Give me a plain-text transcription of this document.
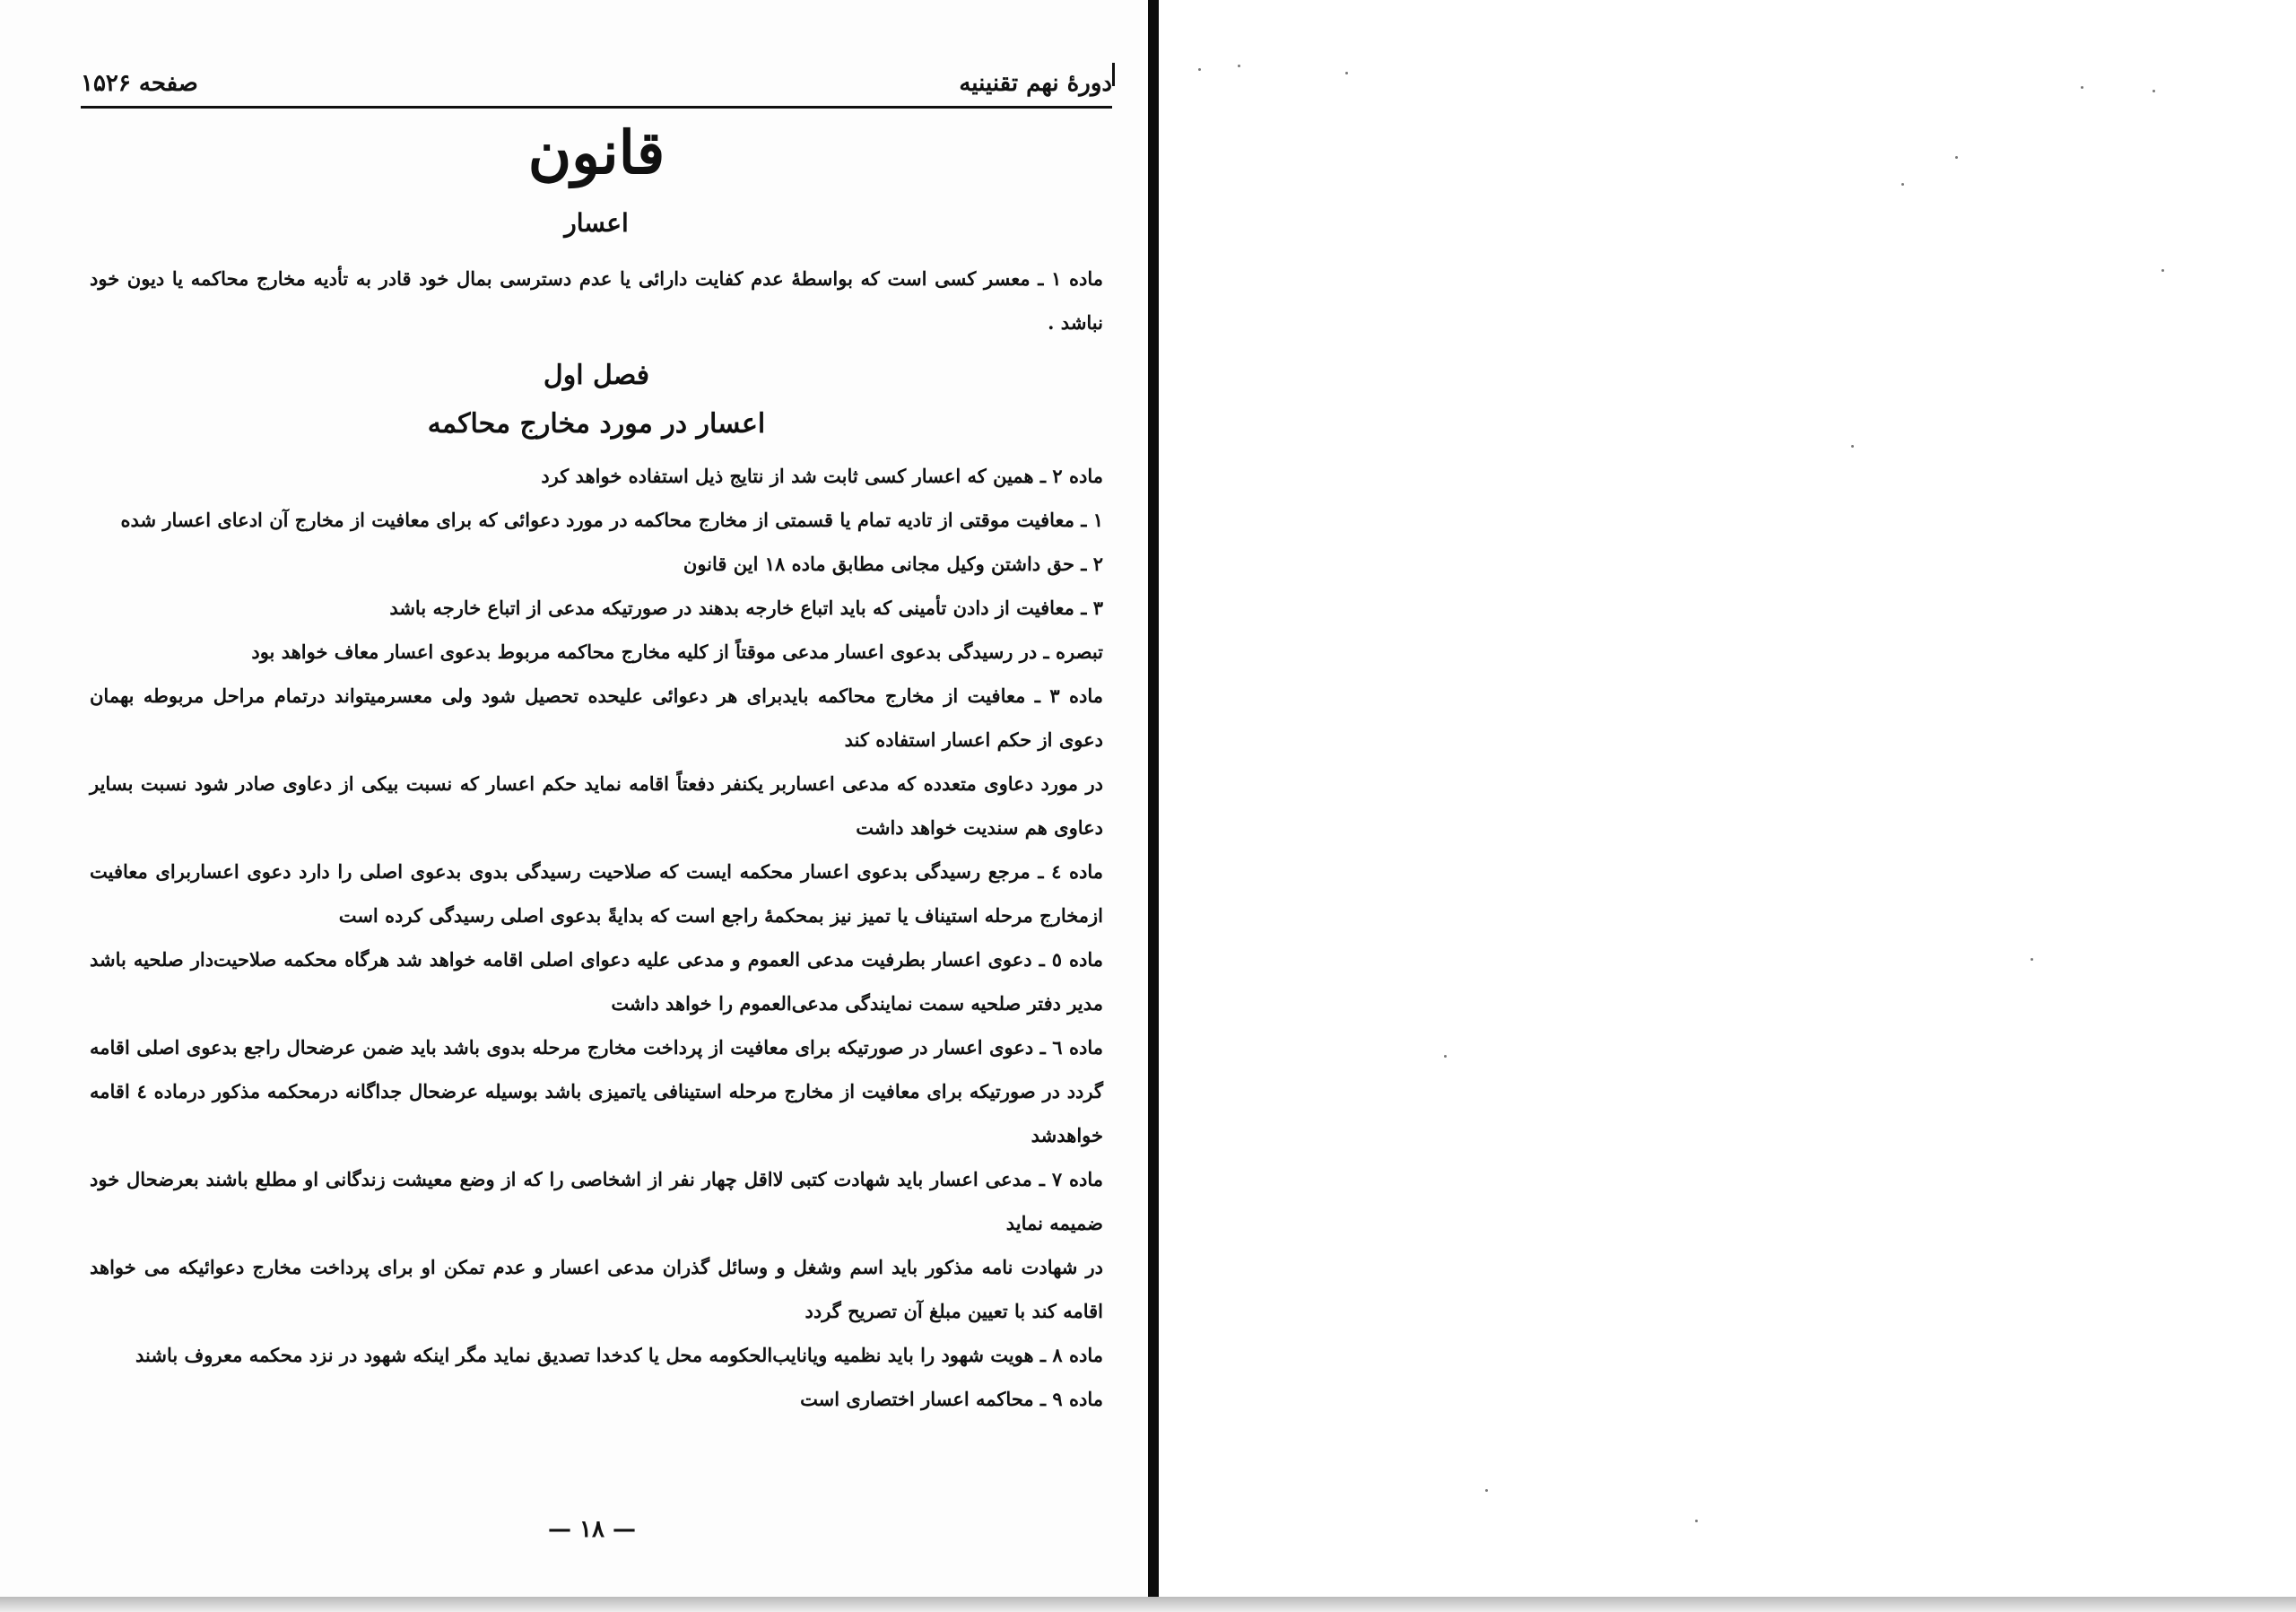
دورهٔ نهم تقنینیه
صفحه ۱۵۲۶
قانون
اعسار

ماده ۱ ـ معسر کسی است که بواسطهٔ عدم کفایت دارائی یا عدم دسترسی بمال خود قادر به تأدیه مخارج محاکمه یا دیون خود نباشد .

فصل اول
اعسار در مورد مخارج محاکمه

ماده ۲ ـ همین که اعسار کسی ثابت شد از نتایج ذیل استفاده خواهد کرد

۱ ـ معافیت موقتی از تادیه تمام یا قسمتی از مخارج محاکمه در مورد دعوائی که برای معافیت از مخارج آن ادعای اعسار شده

۲ ـ حق داشتن وکیل مجانی مطابق ماده ۱۸ این قانون

۳ ـ معافیت از دادن تأمینی که باید اتباع خارجه بدهند در صورتیکه مدعی از اتباع خارجه باشد

تبصره ـ در رسیدگی بدعوی اعسار مدعی موقتاً از کلیه مخارج محاکمه مربوط بدعوی اعسار معاف خواهد بود

ماده ۳ ـ معافیت از مخارج محاکمه بایدبرای هر دعوائی علیحده تحصیل شود ولی معسرمیتواند درتمام مراحل مربوطه بهمان دعوی از حکم اعسار استفاده کند

در مورد دعاوی متعدده که مدعی اعساربر یکنفر دفعتاً اقامه نماید حکم اعسار که نسبت بیکی از دعاوی صادر شود نسبت بسایر دعاوی هم سندیت خواهد داشت

ماده ٤ ـ مرجع رسیدگی بدعوی اعسار محکمه ایست که صلاحیت رسیدگی بدوی بدعوی اصلی را دارد دعوی اعساربرای معافیت ازمخارج مرحله استیناف یا تمیز نیز بمحکمهٔ راجع است که بدایةً بدعوی اصلی رسیدگی کرده است

ماده ٥ ـ دعوی اعسار بطرفیت مدعی العموم و مدعی علیه دعوای اصلی اقامه خواهد شد هرگاه محکمه صلاحیت‌دار صلحیه باشد مدیر دفتر صلحیه سمت نمایندگی مدعی‌العموم را خواهد داشت

ماده ٦ ـ دعوی اعسار در صورتیکه برای معافیت از پرداخت مخارج مرحله بدوی باشد باید ضمن عرضحال راجع بدعوی اصلی اقامه گردد در صورتیکه برای معافیت از مخارج مرحله استینافی یاتمیزی باشد بوسیله عرضحال جداگانه درمحکمه مذکور درماده ٤ اقامه خواهدشد

ماده ۷ ـ مدعی اعسار باید شهادت کتبی لااقل چهار نفر از اشخاصی را که از وضع معیشت زندگانی او مطلع باشند بعرضحال خود ضمیمه نماید

در شهادت نامه مذکور باید اسم وشغل و وسائل گذران مدعی اعسار و عدم تمکن او برای پرداخت مخارج دعوائیکه می خواهد اقامه کند با تعیین مبلغ آن تصریح گردد

ماده ۸ ـ هویت شهود را باید نظمیه ویانایب‌الحکومه محل یا کدخدا تصدیق نماید مگر اینکه شهود در نزد محکمه معروف باشند

ماده ۹ ـ محاکمه اعسار اختصاری است

— ۱۸ —
